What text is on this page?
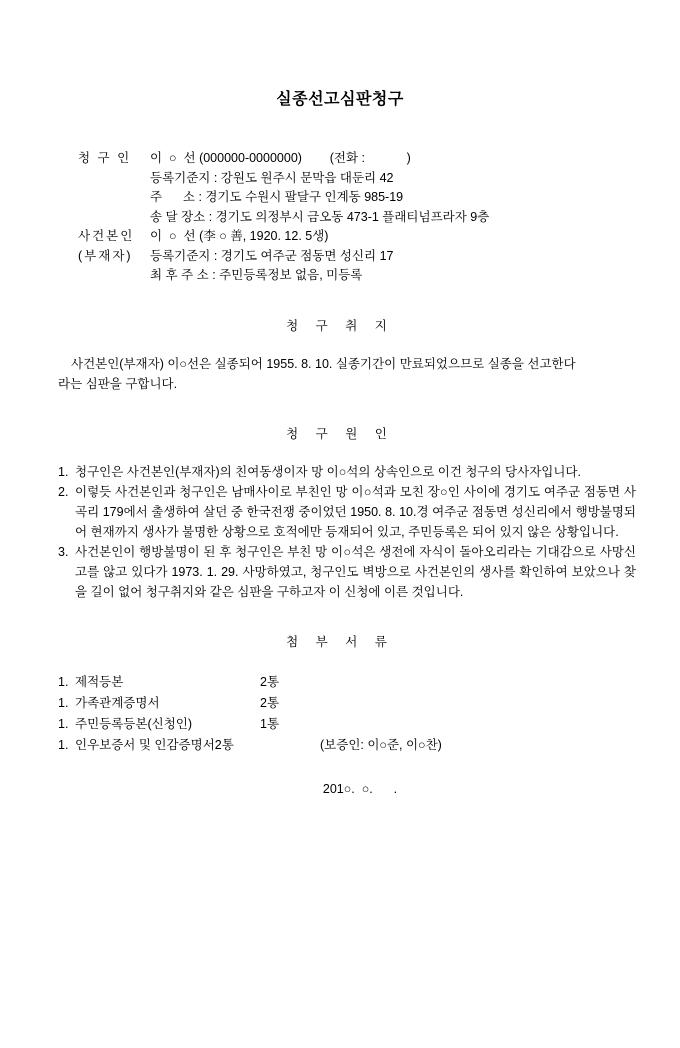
실종선고심판청구
청 구 인	이  ○  선 (000000-0000000)        (전화 :            )
등록기준지 : 강원도 원주시 문막읍 대둔리 42
주      소 : 경기도 수원시 팔달구 인계동 985-19
송 달 장소 : 경기도 의정부시 금오동 473-1 플래티넘프라자 9층
사건본인	이  ○  선 (李 ○ 善, 1920. 12. 5생)
(부재자)	등록기준지 : 경기도 여주군 점동면 성신리 17
최 후 주 소 : 주민등록정보 없음, 미등록
청 구 취 지

사건본인(부재자) 이○선은 실종되어 1955. 8. 10. 실종기간이 만료되었으므로 실종을 선고한다

라는 심판을 구합니다.

청 구 원 인
1. 청구인은 사건본인(부재자)의 친여동생이자 망 이○석의 상속인으로 이건 청구의 당사자입니다.
2. 이렇듯 사건본인과 청구인은 남매사이로 부친인 망 이○석과 모친 장○인 사이에 경기도 여주군 점동면 사곡리 179에서 출생하여 살던 중 한국전쟁 중이었던 1950. 8. 10.경 여주군 점동면 성신리에서 행방불명되어 현재까지 생사가 불명한 상황으로 호적에만 등재되어 있고, 주민등록은 되어 있지 않은 상황입니다.
3. 사건본인이 행방불명이 된 후 청구인은 부친 망 이○석은 생전에 자식이 돌아오리라는 기대감으로 사망신고를 않고 있다가 1973. 1. 29. 사망하였고, 청구인도 벽방으로 사건본인의 생사를 확인하여 보았으나 찾을 길이 없어 청구취지와 같은 심판을 구하고자 이 신청에 이른 것입니다.
첨 부 서 류
1. 제적등본	2통
1. 가족관계증명서	2통
1. 주민등록등본(신청인)	1통
1. 인우보증서 및 인감증명서2통	(보증인: 이○준, 이○찬)
201○.  ○.      .
